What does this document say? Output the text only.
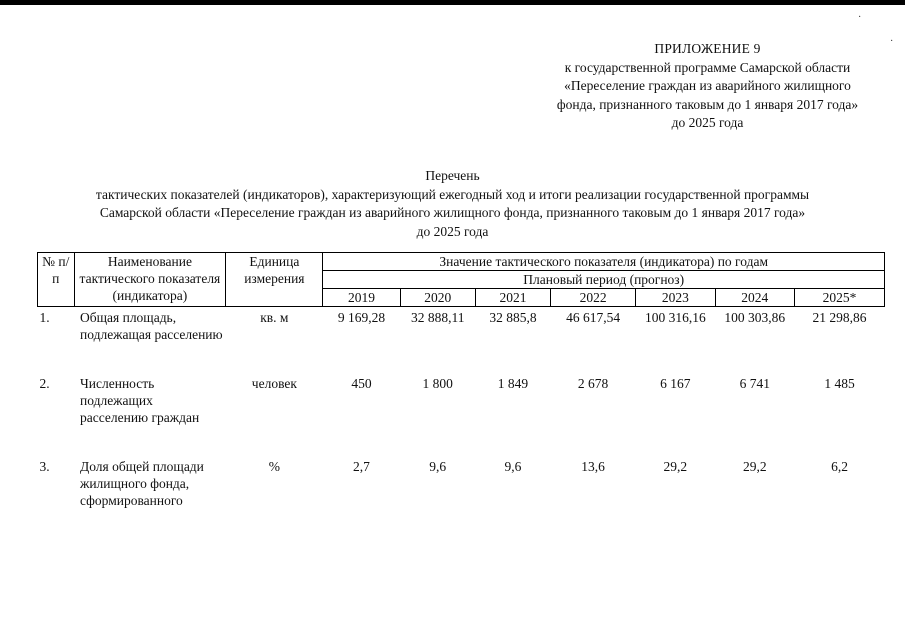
·
·
ПРИЛОЖЕНИЕ 9
к государственной программе Самарской области
«Переселение граждан из аварийного жилищного
фонда, признанного таковым до 1 января 2017 года»
до 2025 года
Перечень
тактических показателей (индикаторов), характеризующий ежегодный ход и итоги реализации государственной программы
Самарской области «Переселение граждан из аварийного жилищного фонда, признанного таковым до 1 января 2017 года»
до 2025 года
№ п/п	Наименование тактического показателя (индикатора)	Единица измерения	Значение тактического показателя (индикатора) по годам						
			Плановый период (прогноз)						
			2019	2020	2021	2022	2023	2024	2025*
1.	Общая площадь, подлежащая расселению	кв. м	9 169,28	32 888,11	32 885,8	46 617,54	100 316,16	100 303,86	21 298,86
2.	Численность подлежащих расселению граждан	человек	450	1 800	1 849	2 678	6 167	6 741	1 485
3.	Доля общей площади жилищного фонда, сформированного	%	2,7	9,6	9,6	13,6	29,2	29,2	6,2
